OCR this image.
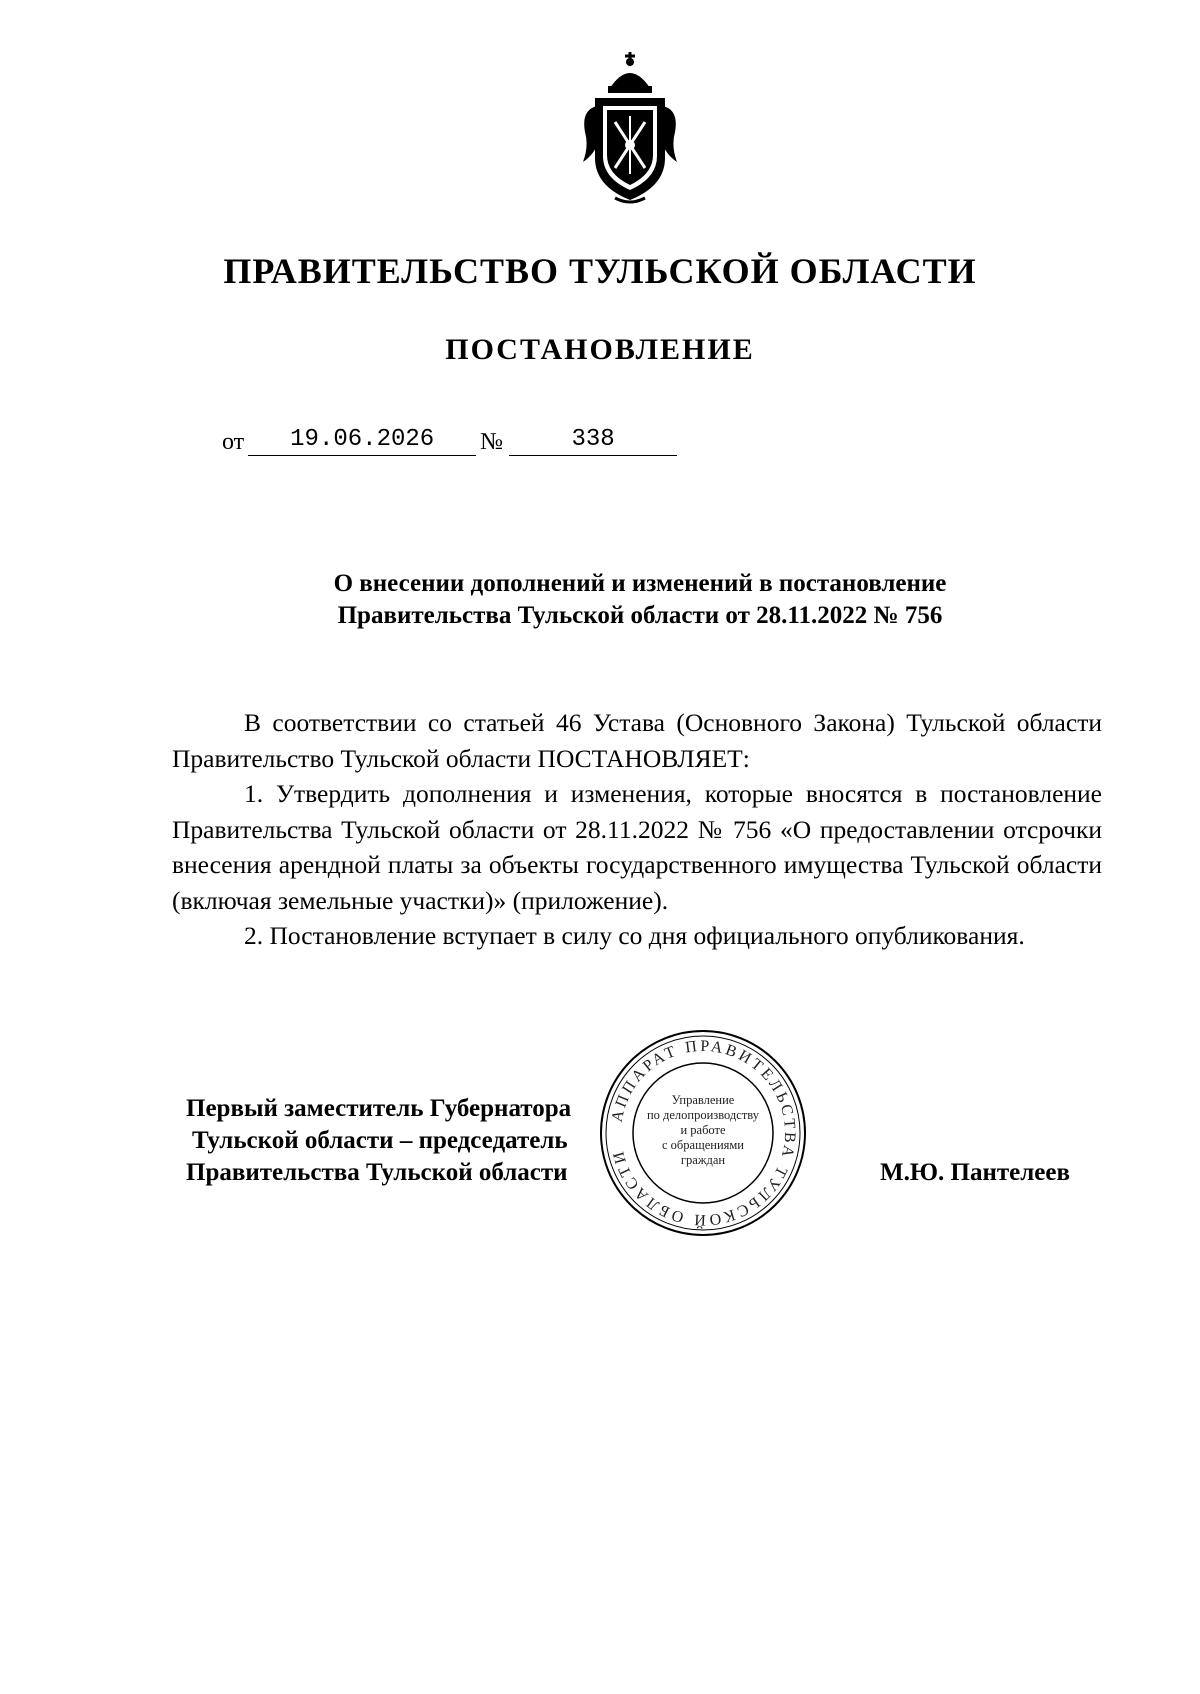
ПРАВИТЕЛЬСТВО ТУЛЬСКОЙ ОБЛАСТИ
ПОСТАНОВЛЕНИЕ
от	19.06.2026	№	338
О внесении дополнений и изменений в постановление
Правительства Тульской области от 28.11.2022 № 756

В соответствии со статьей 46 Устава (Основного Закона) Тульской области Правительство Тульской области ПОСТАНОВЛЯЕТ:

1. Утвердить дополнения и изменения, которые вносятся в постановление Правительства Тульской области от 28.11.2022 № 756 «О предоставлении отсрочки внесения арендной платы за объекты государственного имущества Тульской области (включая земельные участки)» (приложение).

2. Постановление вступает в силу со дня официального опубликования.

АППАРАТ ПРАВИТЕЛЬСТВА ТУЛЬСКОЙ ОБЛАСТИ
Управление
по делопроизводству
и работе
с обращениями
граждан
Первый заместитель Губернатора
Тульской области – председатель
Правительства Тульской области	М.Ю. Пантелеев
